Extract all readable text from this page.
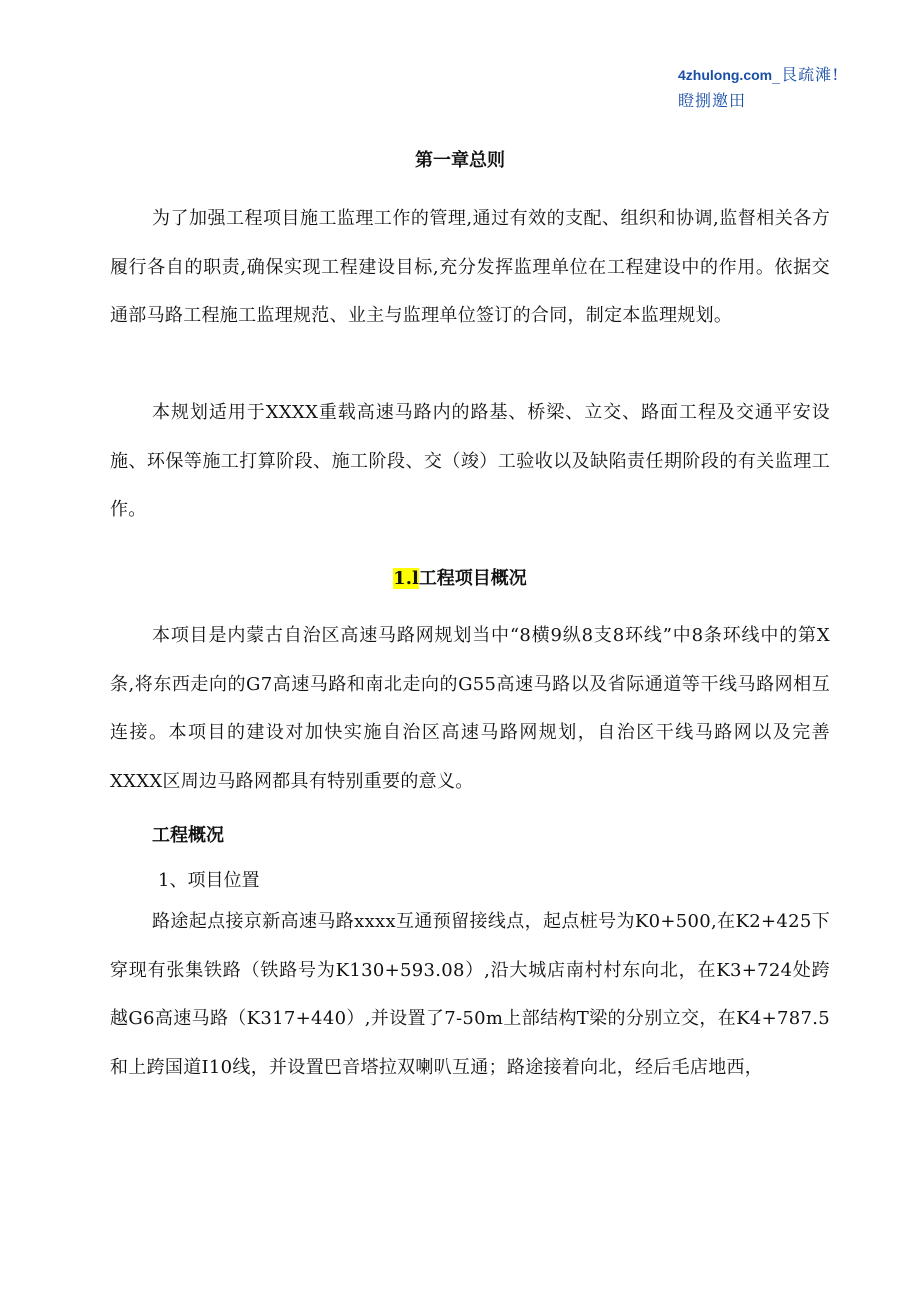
4zhulong.com_艮疏滩!
瞪捌邀田
第一章总则

为了加强工程项目施工监理工作的管理,通过有效的支配、组织和协调,监督相关各方履行各自的职责,确保实现工程建设目标,充分发挥监理单位在工程建设中的作用。依据交通部马路工程施工监理规范、业主与监理单位签订的合同，制定本监理规划。

本规划适用于XXXX重载高速马路内的路基、桥梁、立交、路面工程及交通平安设施、环保等施工打算阶段、施工阶段、交（竣）工验收以及缺陷责任期阶段的有关监理工作。

1.l工程项目概况

本项目是内蒙古自治区高速马路网规划当中“8横9纵8支8环线”中8条环线中的第X条,将东西走向的G7高速马路和南北走向的G55高速马路以及省际通道等干线马路网相互连接。本项目的建设对加快实施自治区高速马路网规划，自治区干线马路网以及完善XXXX区周边马路网都具有特别重要的意义。

工程概况
1、项目位置

路途起点接京新高速马路xxxx互通预留接线点，起点桩号为K0+500,在K2+425下穿现有张集铁路（铁路号为K130+593.08）,沿大城店南村村东向北，在K3+724处跨越G6高速马路（K317+440）,并设置了7-50m上部结构T梁的分别立交，在K4+787.5和上跨国道I10线，并设置巴音塔拉双喇叭互通；路途接着向北，经后毛店地西，
